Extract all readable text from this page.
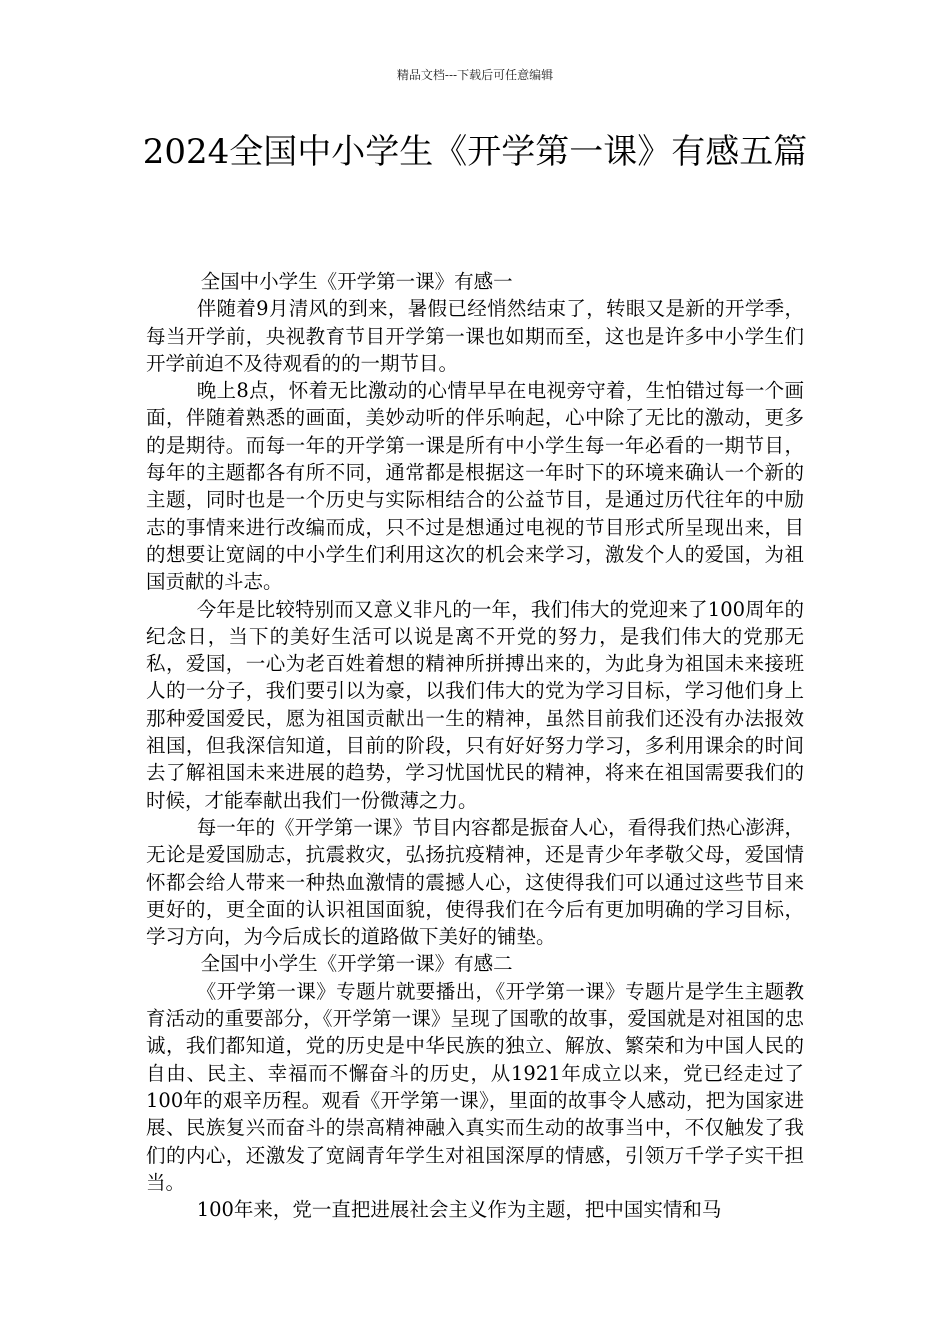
精品文档---下载后可任意编辑
2024全国中小学生《开学第一课》有感五篇

全国中小学生《开学第一课》有感一

伴随着9月清风的到来，暑假已经悄然结束了，转眼又是新的开学季，每当开学前，央视教育节目开学第一课也如期而至，这也是许多中小学生们开学前迫不及待观看的的一期节目。

晚上8点，怀着无比激动的心情早早在电视旁守着，生怕错过每一个画面，伴随着熟悉的画面，美妙动听的伴乐响起，心中除了无比的激动，更多的是期待。而每一年的开学第一课是所有中小学生每一年必看的一期节目，每年的主题都各有所不同，通常都是根据这一年时下的环境来确认一个新的主题，同时也是一个历史与实际相结合的公益节目，是通过历代往年的中励志的事情来进行改编而成，只不过是想通过电视的节目形式所呈现出来，目的想要让宽阔的中小学生们利用这次的机会来学习，激发个人的爱国，为祖国贡献的斗志。

今年是比较特别而又意义非凡的一年，我们伟大的党迎来了100周年的纪念日，当下的美好生活可以说是离不开党的努力，是我们伟大的党那无私，爱国，一心为老百姓着想的精神所拼搏出来的，为此身为祖国未来接班人的一分子，我们要引以为豪，以我们伟大的党为学习目标，学习他们身上那种爱国爱民，愿为祖国贡献出一生的精神，虽然目前我们还没有办法报效祖国，但我深信知道，目前的阶段，只有好好努力学习，多利用课余的时间去了解祖国未来进展的趋势，学习忧国忧民的精神，将来在祖国需要我们的时候，才能奉献出我们一份微薄之力。

每一年的《开学第一课》节目内容都是振奋人心，看得我们热心澎湃，无论是爱国励志，抗震救灾，弘扬抗疫精神，还是青少年孝敬父母，爱国情怀都会给人带来一种热血激情的震撼人心，这使得我们可以通过这些节目来更好的，更全面的认识祖国面貌，使得我们在今后有更加明确的学习目标，学习方向，为今后成长的道路做下美好的铺垫。

全国中小学生《开学第一课》有感二

《开学第一课》专题片就要播出，《开学第一课》专题片是学生主题教育活动的重要部分，《开学第一课》呈现了国歌的故事，爱国就是对祖国的忠诚，我们都知道，党的历史是中华民族的独立、解放、繁荣和为中国人民的自由、民主、幸福而不懈奋斗的历史，从1921年成立以来，党已经走过了100年的艰辛历程。观看《开学第一课》，里面的故事令人感动，把为国家进展、民族复兴而奋斗的崇高精神融入真实而生动的故事当中，不仅触发了我们的内心，还激发了宽阔青年学生对祖国深厚的情感，引领万千学子实干担当。

100年来，党一直把进展社会主义作为主题，把中国实情和马
